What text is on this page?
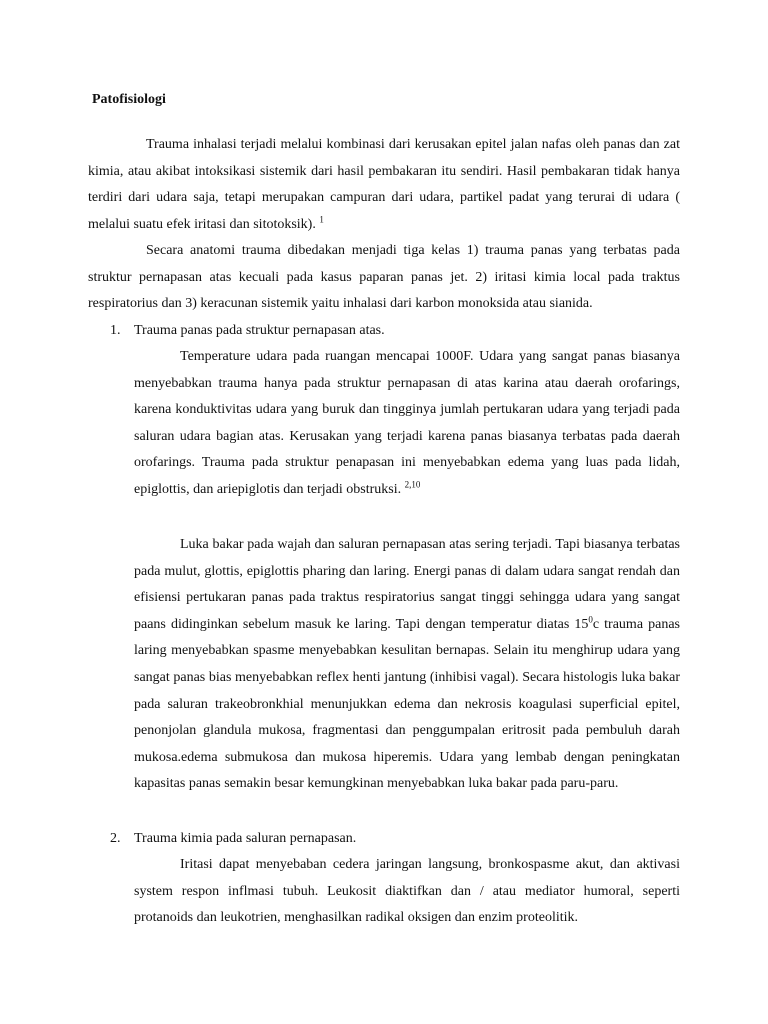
Patofisiologi

Trauma inhalasi terjadi melalui kombinasi dari kerusakan epitel jalan nafas oleh panas dan zat kimia, atau akibat intoksikasi sistemik dari hasil pembakaran itu sendiri. Hasil pembakaran tidak hanya terdiri dari udara saja, tetapi merupakan campuran dari udara, partikel padat yang terurai di udara ( melalui suatu efek iritasi dan sitotoksik). $^1$

Secara anatomi trauma dibedakan menjadi tiga kelas 1) trauma panas yang terbatas pada struktur pernapasan atas kecuali pada kasus paparan panas jet. 2) iritasi kimia local pada traktus respiratorius dan 3) keracunan sistemik yaitu inhalasi dari karbon monoksida atau sianida.

1. Trauma panas pada struktur pernapasan atas.

Temperature udara pada ruangan mencapai 1000F. Udara yang sangat panas biasanya menyebabkan trauma hanya pada struktur pernapasan di atas karina atau daerah orofarings, karena konduktivitas udara yang buruk dan tingginya jumlah pertukaran udara yang terjadi pada saluran udara bagian atas. Kerusakan yang terjadi karena panas biasanya terbatas pada daerah orofarings. Trauma pada struktur penapasan ini menyebabkan edema yang luas pada lidah, epiglottis, dan ariepiglotis dan terjadi obstruksi. $^{2,10}$

Luka bakar pada wajah dan saluran pernapasan atas sering terjadi. Tapi biasanya terbatas pada mulut, glottis, epiglottis pharing dan laring. Energi panas di dalam udara sangat rendah dan efisiensi pertukaran panas pada traktus respiratorius sangat tinggi sehingga udara yang sangat paans didinginkan sebelum masuk ke laring. Tapi dengan temperatur diatas $15^0c$ trauma panas laring menyebabkan spasme menyebabkan kesulitan bernapas. Selain itu menghirup udara yang sangat panas bias menyebabkan reflex henti jantung (inhibisi vagal). Secara histologis luka bakar pada saluran trakeobronkhial menunjukkan edema dan nekrosis koagulasi superficial epitel, penonjolan glandula mukosa, fragmentasi dan penggumpalan eritrosit pada pembuluh darah mukosa.edema submukosa dan mukosa hiperemis. Udara yang lembab dengan peningkatan kapasitas panas semakin besar kemungkinan menyebabkan luka bakar pada paru-paru.

2. Trauma kimia pada saluran pernapasan.

Iritasi dapat menyebaban cedera jaringan langsung, bronkospasme akut, dan aktivasi system respon inflmasi tubuh. Leukosit diaktifkan dan / atau mediator humoral, seperti protanoids dan leukotrien, menghasilkan radikal oksigen dan enzim proteolitik.
